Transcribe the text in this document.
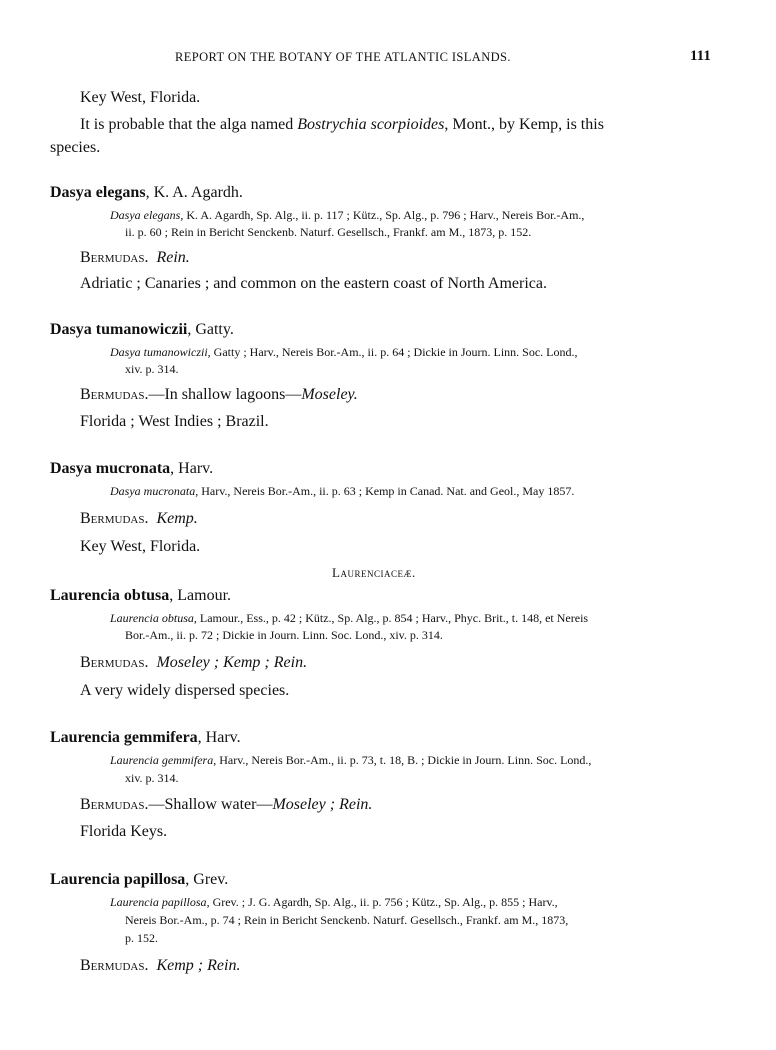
REPORT ON THE BOTANY OF THE ATLANTIC ISLANDS.	111
Key West, Florida.
It is probable that the alga named Bostrychia scorpioides, Mont., by Kemp, is this
species.
Dasya elegans, K. A. Agardh.
Dasya elegans, K. A. Agardh, Sp. Alg., ii. p. 117 ; Kütz., Sp. Alg., p. 796 ; Harv., Nereis Bor.-Am.,
ii. p. 60 ; Rein in Bericht Senckenb. Naturf. Gesellsch., Frankf. am M., 1873, p. 152.
Bermudas. Rein.
Adriatic ; Canaries ; and common on the eastern coast of North America.
Dasya tumanowiczii, Gatty.
Dasya tumanowiczii, Gatty ; Harv., Nereis Bor.-Am., ii. p. 64 ; Dickie in Journ. Linn. Soc. Lond.,
xiv. p. 314.
Bermudas.—In shallow lagoons—Moseley.
Florida ; West Indies ; Brazil.
Dasya mucronata, Harv.
Dasya mucronata, Harv., Nereis Bor.-Am., ii. p. 63 ; Kemp in Canad. Nat. and Geol., May 1857.
Bermudas. Kemp.
Key West, Florida.
Laurenciaceæ.
Laurencia obtusa, Lamour.
Laurencia obtusa, Lamour., Ess., p. 42 ; Kütz., Sp. Alg., p. 854 ; Harv., Phyc. Brit., t. 148, et Nereis
Bor.-Am., ii. p. 72 ; Dickie in Journ. Linn. Soc. Lond., xiv. p. 314.
Bermudas. Moseley ; Kemp ; Rein.
A very widely dispersed species.
Laurencia gemmifera, Harv.
Laurencia gemmifera, Harv., Nereis Bor.-Am., ii. p. 73, t. 18, B. ; Dickie in Journ. Linn. Soc. Lond.,
xiv. p. 314.
Bermudas.—Shallow water—Moseley ; Rein.
Florida Keys.
Laurencia papillosa, Grev.
Laurencia papillosa, Grev. ; J. G. Agardh, Sp. Alg., ii. p. 756 ; Kütz., Sp. Alg., p. 855 ; Harv.,
Nereis Bor.-Am., p. 74 ; Rein in Bericht Senckenb. Naturf. Gesellsch., Frankf. am M., 1873,
p. 152.
Bermudas. Kemp ; Rein.
